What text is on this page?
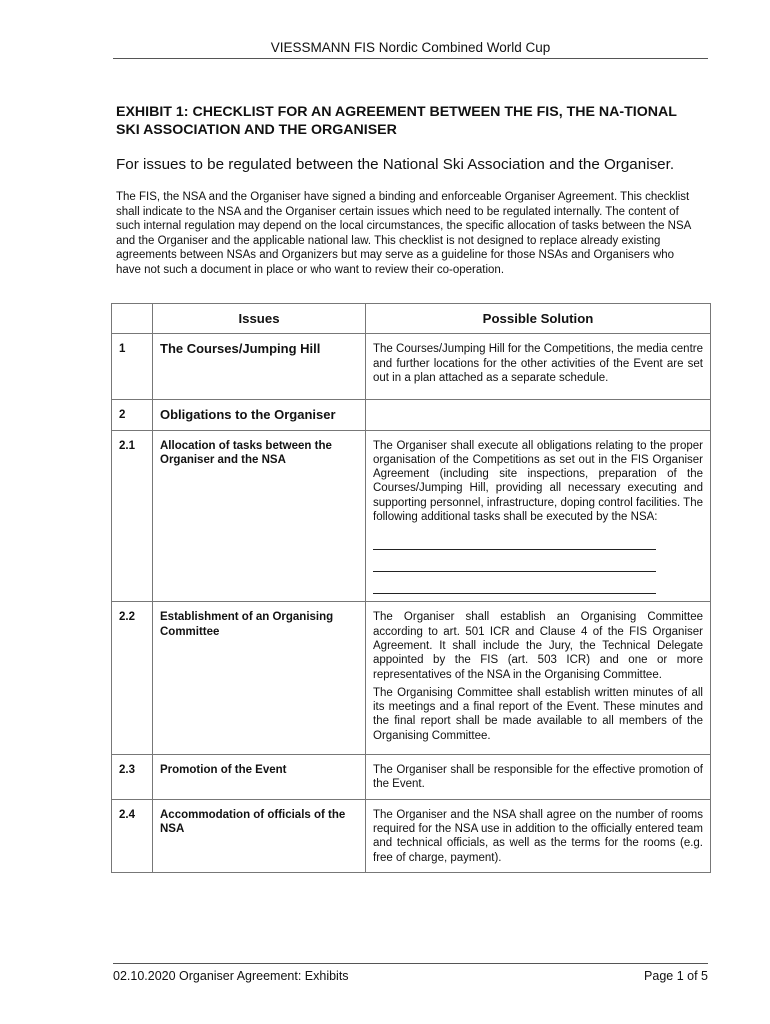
VIESSMANN FIS Nordic Combined World Cup
EXHIBIT 1: CHECKLIST FOR AN AGREEMENT BETWEEN THE FIS, THE NA-TIONAL SKI ASSOCIATION AND THE ORGANISER
For issues to be regulated between the National Ski Association and the Organiser.
The FIS, the NSA and the Organiser have signed a binding and enforceable Organiser Agreement. This checklist shall indicate to the NSA and the Organiser certain issues which need to be regulated internally. The content of such internal regulation may depend on the local circumstances, the specific allocation of tasks between the NSA and the Organiser and the applicable national law. This checklist is not designed to replace already existing agreements between NSAs and Organizers but may serve as a guideline for those NSAs and Organisers who have not such a document in place or who want to review their co-operation.
	Issues	Possible Solution
1	The Courses/Jumping Hill	The Courses/Jumping Hill for the Competitions, the media centre and further locations for the other activities of the Event are set out in a plan attached as a separate schedule.
2	Obligations to the Organiser	
2.1	Allocation of tasks between the Organiser and the NSA	The Organiser shall execute all obligations relating to the proper organisation of the Competitions as set out in the FIS Organiser Agreement (including site inspections, preparation of the Courses/Jumping Hill, providing all necessary executing and supporting personnel, infrastructure, doping control facilities. The following additional tasks shall be executed by the NSA:

2.2	Establishment of an Organising Committee	The Organiser shall establish an Organising Committee according to art. 501 ICR and Clause 4 of the FIS Organiser Agreement. It shall include the Jury, the Technical Delegate appointed by the FIS (art. 503 ICR) and one or more representatives of the NSA in the Organising Committee.

The Organising Committee shall establish written minutes of all its meetings and a final report of the Event. These minutes and the final report shall be made available to all members of the Organising Committee.

2.3	Promotion of the Event	The Organiser shall be responsible for the effective promotion of the Event.
2.4	Accommodation of officials of the NSA	The Organiser and the NSA shall agree on the number of rooms required for the NSA use in addition to the officially entered team and technical officials, as well as the terms for the rooms (e.g. free of charge, payment).
02.10.2020 Organiser Agreement: Exhibits	Page 1 of 5
